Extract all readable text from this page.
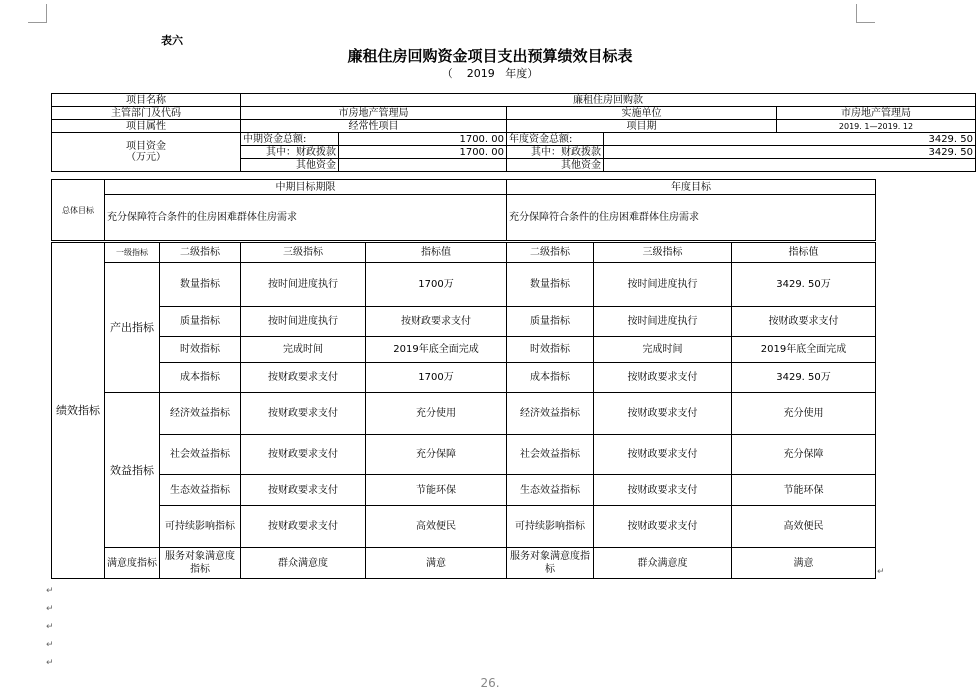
表六
廉租住房回购资金项目支出预算绩效目标表
（    2019   年度）
项目名称	廉租住房回购款				
主管部门及代码	市房地产管理局		实施单位		市房地产管理局
项目属性	经常性项目		项目期		2019. 1—2019. 12

项目资金
（万元）	中期资金总额:	1700. 00	年度资金总额:	3429. 50	
	其中：财政拨款	1700. 00	其中：财政拨款	3429. 50	
	其他资金		其他资金		
总体目标	中期目标期限	年度目标
	充分保障符合条件的住房困难群体住房需求	充分保障符合条件的住房困难群体住房需求
绩效指标	一级指标	二级指标	三级指标	指标值	二级指标	三级指标	指标值
	产出指标	数量指标	按时间进度执行	1700万	数量指标	按时间进度执行	3429. 50万
		质量指标	按时间进度执行	按财政要求支付	质量指标	按时间进度执行	按财政要求支付
		时效指标	完成时间	2019年底全面完成	时效指标	完成时间	2019年底全面完成
		成本指标	按财政要求支付	1700万	成本指标	按财政要求支付	3429. 50万
	效益指标	经济效益指标	按财政要求支付	充分使用	经济效益指标	按财政要求支付	充分使用
		社会效益指标	按财政要求支付	充分保障	社会效益指标	按财政要求支付	充分保障
		生态效益指标	按财政要求支付	节能环保	生态效益指标	按财政要求支付	节能环保
		可持续影响指标	按财政要求支付	高效便民	可持续影响指标	按财政要求支付	高效便民
	满意度指标	服务对象满意度指标	群众满意度	满意	服务对象满意度指标	群众满意度	满意
↵
↵
↵
↵
↵
↵
26.
